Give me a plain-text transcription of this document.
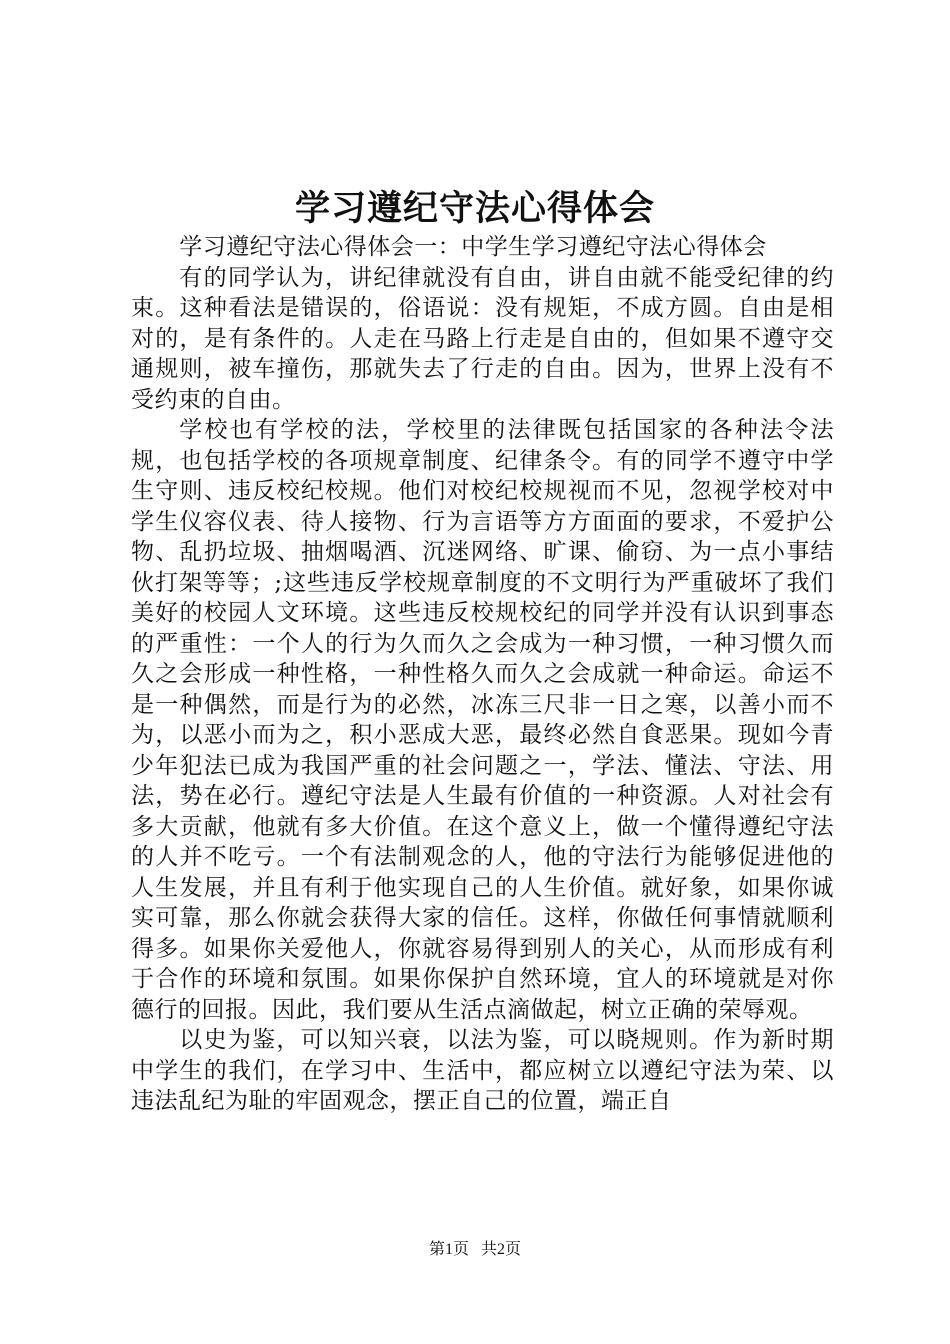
学习遵纪守法心得体会

学习遵纪守法心得体会一：中学生学习遵纪守法心得体会

有的同学认为，讲纪律就没有自由，讲自由就不能受纪律的约束。这种看法是错误的，俗语说：没有规矩，不成方圆。自由是相对的，是有条件的。人走在马路上行走是自由的，但如果不遵守交通规则，被车撞伤，那就失去了行走的自由。因为，世界上没有不受约束的自由。

学校也有学校的法，学校里的法律既包括国家的各种法令法规，也包括学校的各项规章制度、纪律条令。有的同学不遵守中学生守则、违反校纪校规。他们对校纪校规视而不见，忽视学校对中学生仪容仪表、待人接物、行为言语等方方面面的要求，不爱护公物、乱扔垃圾、抽烟喝酒、沉迷网络、旷课、偷窃、为一点小事结伙打架等等；;这些违反学校规章制度的不文明行为严重破坏了我们美好的校园人文环境。这些违反校规校纪的同学并没有认识到事态的严重性：一个人的行为久而久之会成为一种习惯，一种习惯久而久之会形成一种性格，一种性格久而久之会成就一种命运。命运不是一种偶然，而是行为的必然，冰冻三尺非一日之寒，以善小而不为，以恶小而为之，积小恶成大恶，最终必然自食恶果。现如今青少年犯法已成为我国严重的社会问题之一，学法、懂法、守法、用法，势在必行。遵纪守法是人生最有价值的一种资源。人对社会有多大贡献，他就有多大价值。在这个意义上，做一个懂得遵纪守法的人并不吃亏。一个有法制观念的人，他的守法行为能够促进他的人生发展，并且有利于他实现自己的人生价值。就好象，如果你诚实可靠，那么你就会获得大家的信任。这样，你做任何事情就顺利得多。如果你关爱他人，你就容易得到别人的关心，从而形成有利于合作的环境和氛围。如果你保护自然环境，宜人的环境就是对你德行的回报。因此，我们要从生活点滴做起，树立正确的荣辱观。

以史为鉴，可以知兴衰，以法为鉴，可以晓规则。作为新时期中学生的我们，在学习中、生活中，都应树立以遵纪守法为荣、以违法乱纪为耻的牢固观念，摆正自己的位置，端正自

第1页 共2页
